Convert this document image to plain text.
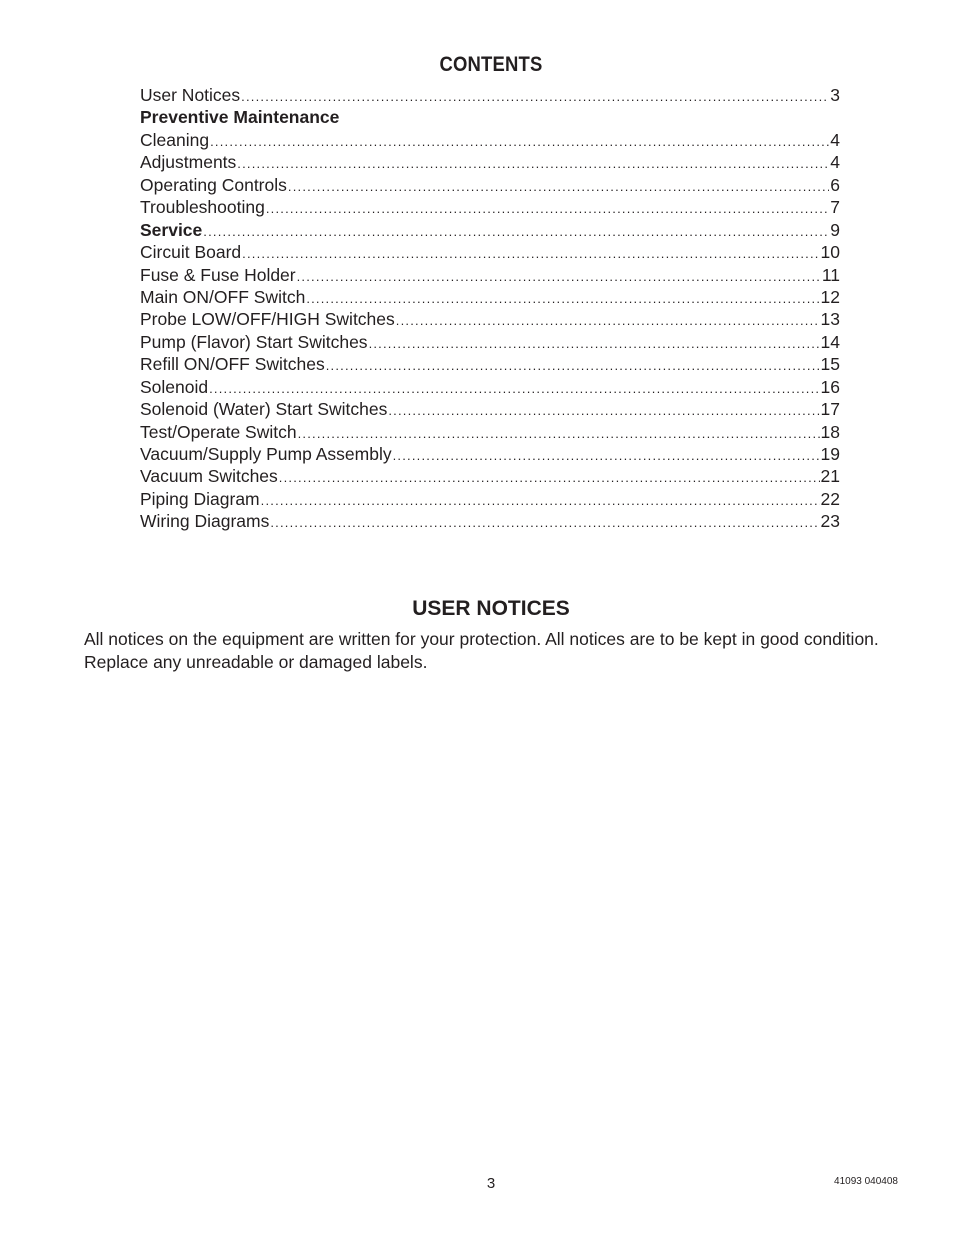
CONTENTS
User Notices .....	3
Preventive Maintenance
Cleaning .....	4
Adjustments .....	4
Operating Controls .....	6
Troubleshooting .....	7
Service .....	9
Circuit Board .....	10
Fuse & Fuse Holder .....	11
Main ON/OFF Switch .....	12
Probe LOW/OFF/HIGH Switches .....	13
Pump (Flavor) Start Switches .....	14
Refill ON/OFF Switches .....	15
Solenoid .....	16
Solenoid (Water) Start Switches .....	17
Test/Operate Switch .....	18
Vacuum/Supply Pump Assembly .....	19
Vacuum Switches .....	21
Piping Diagram .....	22
Wiring Diagrams .....	23
USER NOTICES
All notices on the equipment are written for your protection. All notices are to be kept in good condition. Replace any unreadable or damaged labels.
3	41093 040408
